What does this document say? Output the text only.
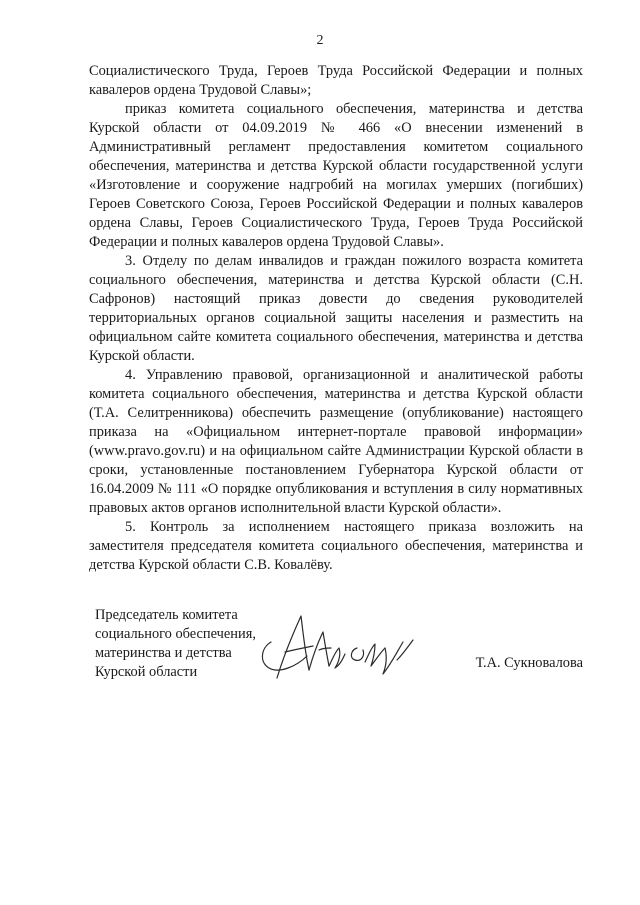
2

Социалистического Труда, Героев Труда Российской Федерации и полных кавалеров ордена Трудовой Славы»;

приказ комитета социального обеспечения, материнства и детства Курской области от 04.09.2019 № 466 «О внесении изменений в Административный регламент предоставления комитетом социального обеспечения, материнства и детства Курской области государственной услуги «Изготовление и сооружение надгробий на могилах умерших (погибших) Героев Советского Союза, Героев Российской Федерации и полных кавалеров ордена Славы, Героев Социалистического Труда, Героев Труда Российской Федерации и полных кавалеров ордена Трудовой Славы».

3. Отделу по делам инвалидов и граждан пожилого возраста комитета социального обеспечения, материнства и детства Курской области (С.Н. Сафронов) настоящий приказ довести до сведения руководителей территориальных органов социальной защиты населения и разместить на официальном сайте комитета социального обеспечения, материнства и детства Курской области.

4. Управлению правовой, организационной и аналитической работы комитета социального обеспечения, материнства и детства Курской области (Т.А. Селитренникова) обеспечить размещение (опубликование) настоящего приказа на «Официальном интернет-портале правовой информации» (www.pravo.gov.ru) и на официальном сайте Администрации Курской области в сроки, установленные постановлением Губернатора Курской области от 16.04.2009 № 111 «О порядке опубликования и вступления в силу нормативных правовых актов органов исполнительной власти Курской области».

5. Контроль за исполнением настоящего приказа возложить на заместителя председателя комитета социального обеспечения, материнства и детства Курской области С.В. Ковалёву.

Председатель комитета
социального обеспечения,
материнства и детства
Курской области
Т.А. Сукновалова
